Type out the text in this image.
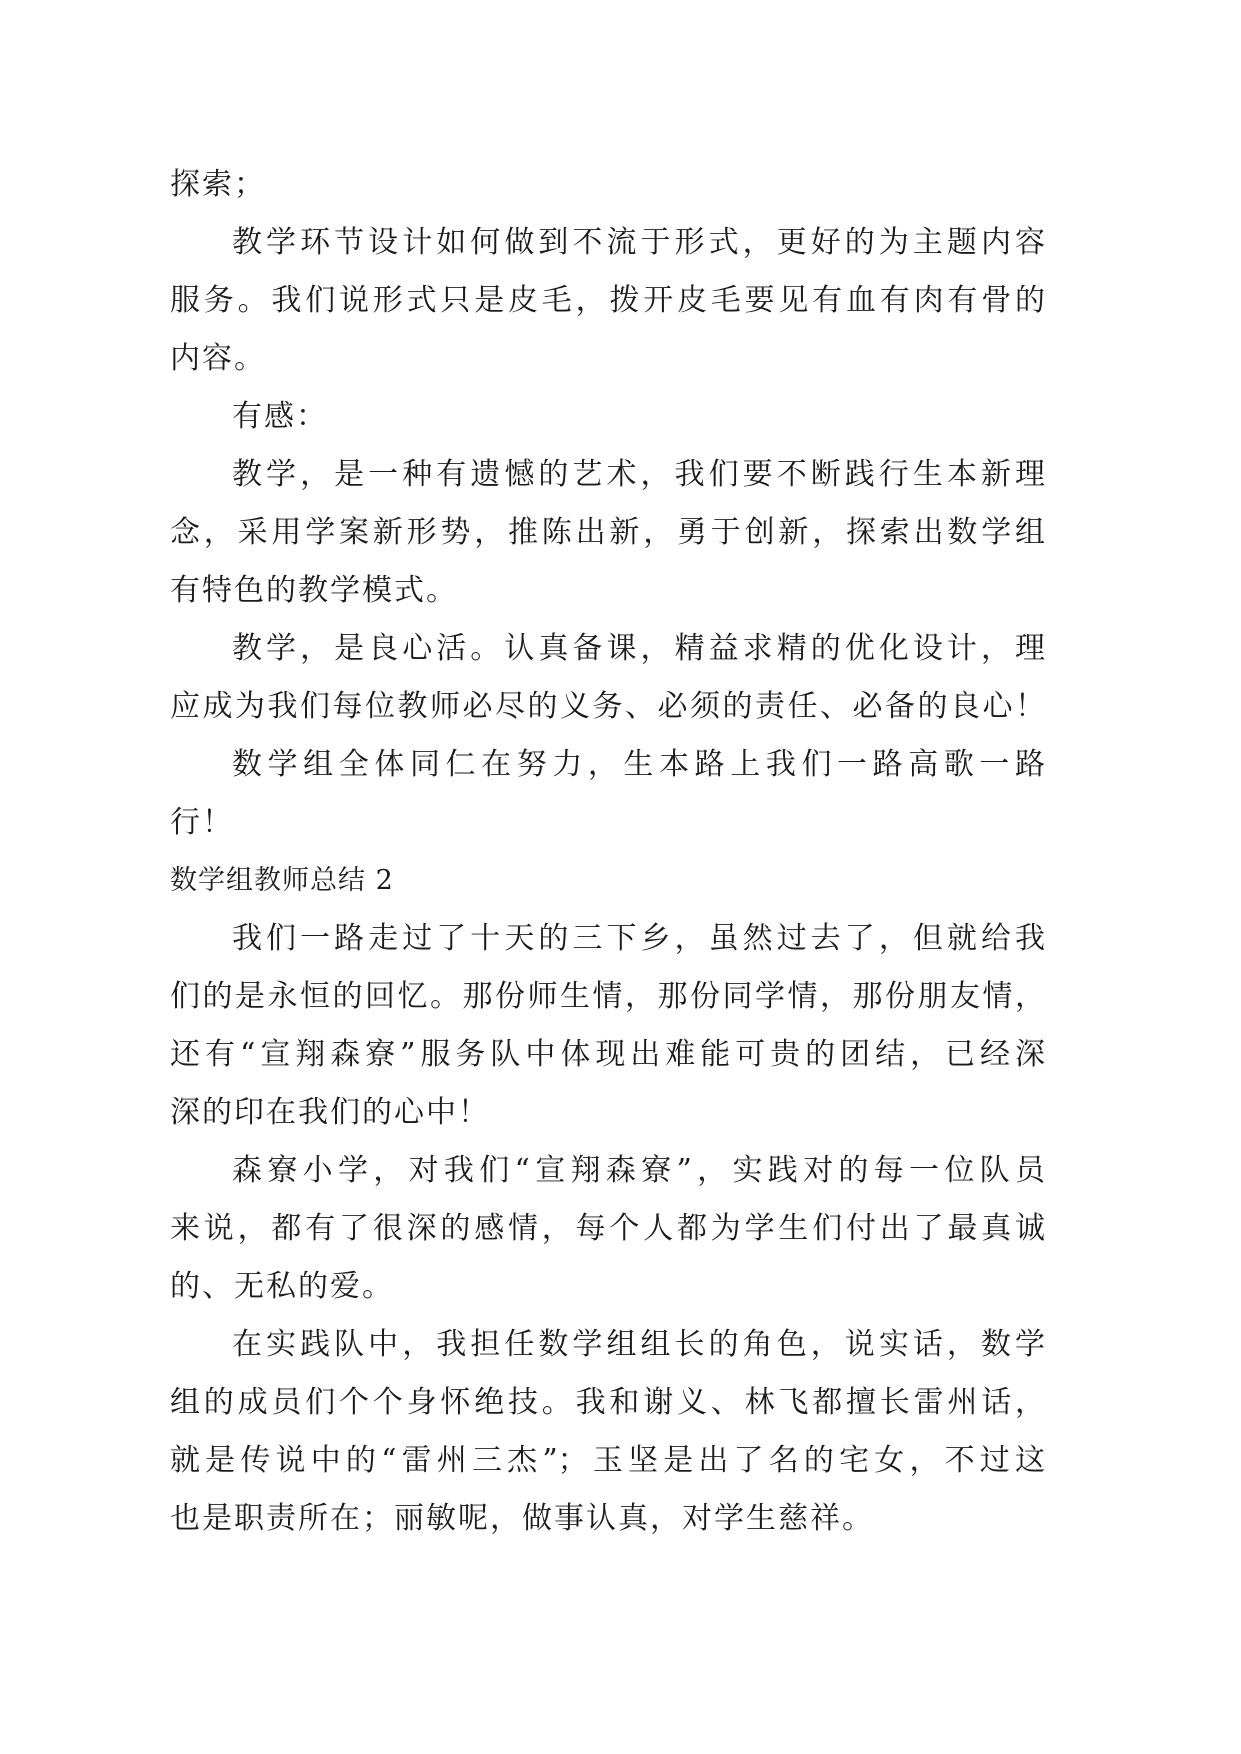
探索；
教学环节设计如何做到不流于形式，更好的为主题内容
服务。我们说形式只是皮毛，拨开皮毛要见有血有肉有骨的
内容。
有感：
教学，是一种有遗憾的艺术，我们要不断践行生本新理
念，采用学案新形势，推陈出新，勇于创新，探索出数学组
有特色的教学模式。
教学，是良心活。认真备课，精益求精的优化设计，理
应成为我们每位教师必尽的义务、必须的责任、必备的良心！
数学组全体同仁在努力，生本路上我们一路高歌一路
行！
数学组教师总结 2
我们一路走过了十天的三下乡，虽然过去了，但就给我
们的是永恒的回忆。那份师生情，那份同学情，那份朋友情，
还有“宣翔森寮”服务队中体现出难能可贵的团结，已经深
深的印在我们的心中！
森寮小学，对我们“宣翔森寮”，实践对的每一位队员
来说，都有了很深的感情，每个人都为学生们付出了最真诚
的、无私的爱。
在实践队中，我担任数学组组长的角色，说实话，数学
组的成员们个个身怀绝技。我和谢义、林飞都擅长雷州话，
就是传说中的“雷州三杰”；玉坚是出了名的宅女，不过这
也是职责所在；丽敏呢，做事认真，对学生慈祥。
